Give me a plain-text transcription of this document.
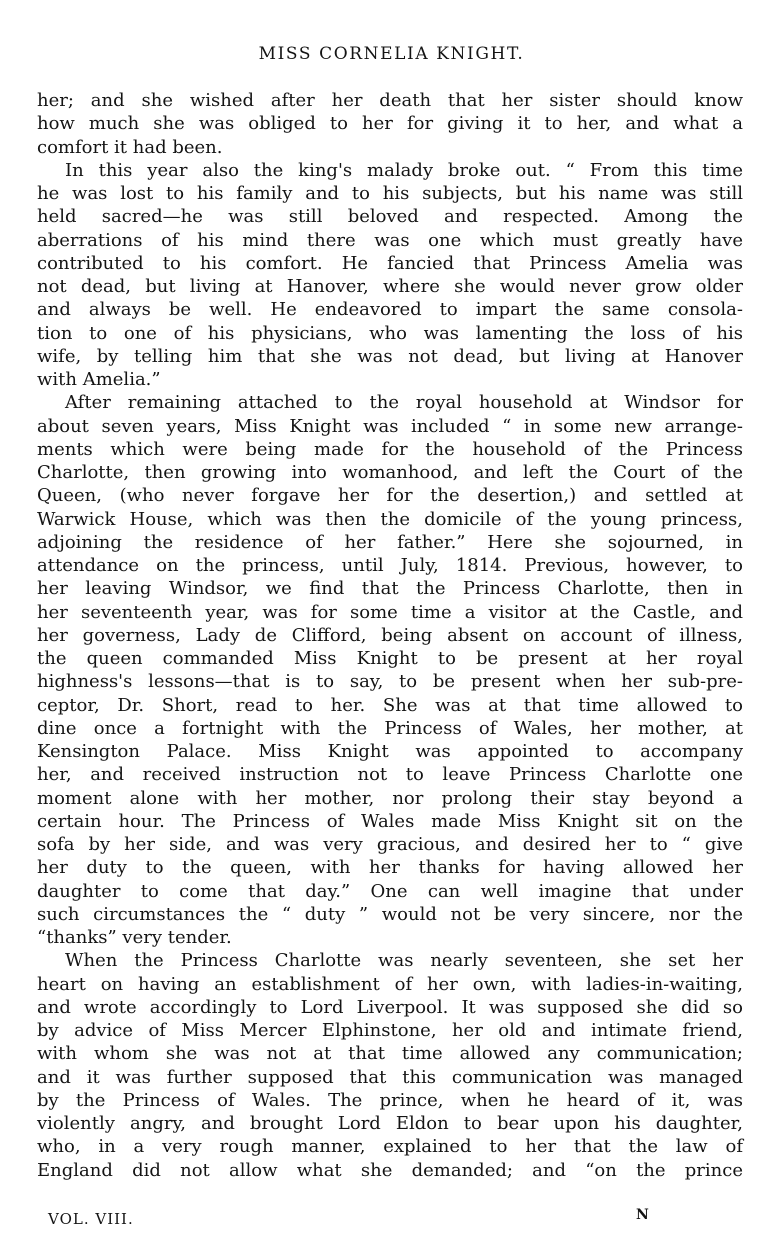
MISS CORNELIA KNIGHT.
her; and she wished after her death that her sister should know
how much she was obliged to her for giving it to her, and what a
comfort it had been.
In this year also the king's malady broke out. “ From this time
he was lost to his family and to his subjects, but his name was still
held sacred—he was still beloved and respected. Among the
aberrations of his mind there was one which must greatly have
contributed to his comfort. He fancied that Princess Amelia was
not dead, but living at Hanover, where she would never grow older
and always be well. He endeavored to impart the same consola-
tion to one of his physicians, who was lamenting the loss of his
wife, by telling him that she was not dead, but living at Hanover
with Amelia.”
After remaining attached to the royal household at Windsor for
about seven years, Miss Knight was included “ in some new arrange-
ments which were being made for the household of the Princess
Charlotte, then growing into womanhood, and left the Court of the
Queen, (who never forgave her for the desertion,) and settled at
Warwick House, which was then the domicile of the young princess,
adjoining the residence of her father.” Here she sojourned, in
attendance on the princess, until July, 1814. Previous, however, to
her leaving Windsor, we find that the Princess Charlotte, then in
her seventeenth year, was for some time a visitor at the Castle, and
her governess, Lady de Clifford, being absent on account of illness,
the queen commanded Miss Knight to be present at her royal
highness's lessons—that is to say, to be present when her sub-pre-
ceptor, Dr. Short, read to her. She was at that time allowed to
dine once a fortnight with the Princess of Wales, her mother, at
Kensington Palace. Miss Knight was appointed to accompany
her, and received instruction not to leave Princess Charlotte one
moment alone with her mother, nor prolong their stay beyond a
certain hour. The Princess of Wales made Miss Knight sit on the
sofa by her side, and was very gracious, and desired her to “ give
her duty to the queen, with her thanks for having allowed her
daughter to come that day.” One can well imagine that under
such circumstances the “ duty ” would not be very sincere, nor the
“thanks” very tender.
When the Princess Charlotte was nearly seventeen, she set her
heart on having an establishment of her own, with ladies-in-waiting,
and wrote accordingly to Lord Liverpool. It was supposed she did so
by advice of Miss Mercer Elphinstone, her old and intimate friend,
with whom she was not at that time allowed any communication;
and it was further supposed that this communication was managed
by the Princess of Wales. The prince, when he heard of it, was
violently angry, and brought Lord Eldon to bear upon his daughter,
who, in a very rough manner, explained to her that the law of
England did not allow what she demanded; and “on the prince
VOL. VIII.	N
